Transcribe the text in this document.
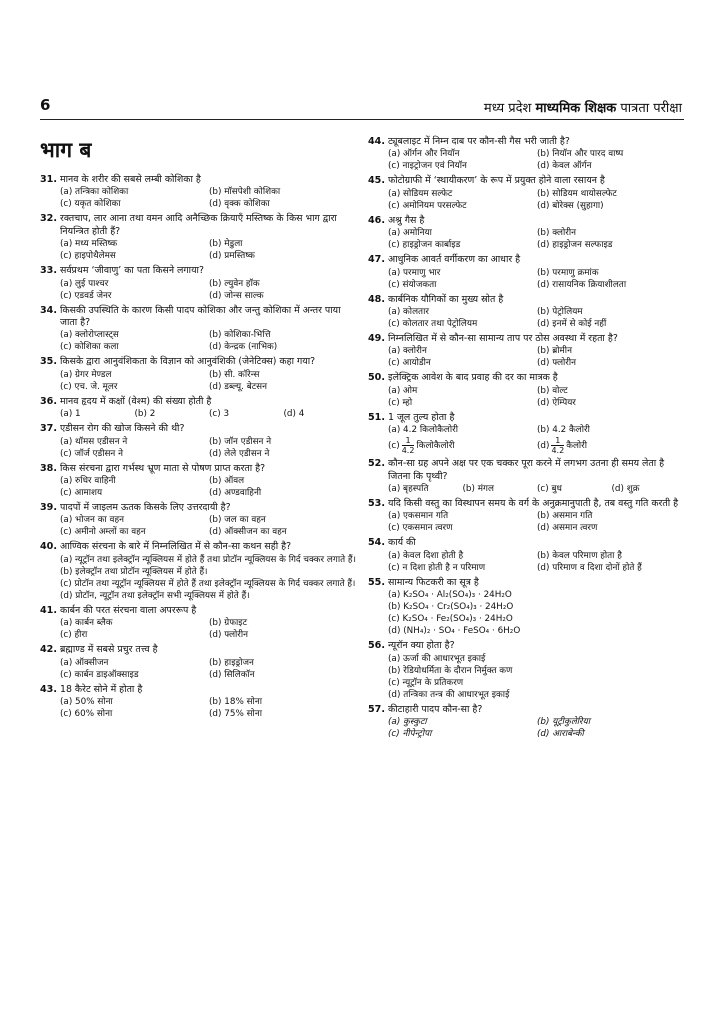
6	मध्य प्रदेश माध्यमिक शिक्षक पात्रता परीक्षा
भाग ब
31. मानव के शरीर की सबसे लम्बी कोशिका है
(a) तन्त्रिका कोशिका	(b) मॉसपेशी कोशिका
(c) यकृत कोशिका	(d) वृक्क कोशिका
32. रक्तचाप, लार आना तथा वमन आदि अनैच्छिक क्रियाएँ मस्तिष्क के किस भाग द्वारा नियन्त्रित होती हैं?
(a) मध्य मस्तिष्क	(b) मेडुला
(c) हाइपोथैलेमस	(d) प्रमस्तिष्क
33. सर्वप्रथम ‘जीवाणु’ का पता किसने लगाया?
(a) लुई पाश्चर	(b) ल्युवेन हॉक
(c) एडवर्ड जेनर	(d) जोन्स साल्क
34. किसकी उपस्थिति के कारण किसी पादप कोशिका और जन्तु कोशिका में अन्तर पाया जाता है?
(a) क्लोरोप्लास्ट्स	(b) कोशिका-भित्ति
(c) कोशिका कला	(d) केन्द्रक (नाभिक)
35. किसके द्वारा आनुवंशिकता के विज्ञान को आनुवंशिकी (जेनेटिक्स) कहा गया?
(a) ग्रेगर मेण्डल	(b) सी. कॉरेन्स
(c) एच. जे. मूलर	(d) डब्ल्यू. बेटसन
36. मानव हृदय में कक्षों (वेश्म) की संख्या होती है
(a) 1	(b) 2	(c) 3	(d) 4
37. एडीसन रोग की खोज किसने की थी?
(a) थॉमस एडीसन ने	(b) जॉन एडीसन ने
(c) जॉर्ज एडीसन ने	(d) लेले एडीसन ने
38. किस संरचना द्वारा गर्भस्थ भ्रूण माता से पोषण प्राप्त करता है?
(a) रुधिर वाहिनी	(b) ऑवल
(c) आमाशय	(d) अण्डवाहिनी
39. पादपों में जाइलम ऊतक किसके लिए उत्तरदायी है?
(a) भोजन का वहन	(b) जल का वहन
(c) अमीनो अम्लों का वहन	(d) ऑक्सीजन का वहन
40. आण्विक संरचना के बारे में निम्नलिखित में से कौन-सा कथन सही है?
(a) न्यूट्रॉन तथा इलेक्ट्रॉन न्यूक्लियस में होते हैं तथा प्रोटॉन न्यूक्लियस के गिर्द चक्कर लगाते हैं।
(b) इलेक्ट्रॉन तथा प्रोटॉन न्यूक्लियस में होते हैं।
(c) प्रोटॉन तथा न्यूट्रॉन न्यूक्लियस में होते हैं तथा इलेक्ट्रॉन न्यूक्लियस के गिर्द चक्कर लगाते हैं।
(d) प्रोटॉन, न्यूट्रॉन तथा इलेक्ट्रॉन सभी न्यूक्लियस में होते हैं।
41. कार्बन की परत संरचना वाला अपररूप है
(a) कार्बन ब्लैक	(b) ग्रेफाइट
(c) हीरा	(d) फ्लोरीन
42. ब्रह्माण्ड में सबसे प्रचुर तत्त्व है
(a) ऑक्सीजन	(b) हाइड्रोजन
(c) कार्बन डाइऑक्साइड	(d) सिलिकॉन
43. 18 कैरेट सोने में होता है
(a) 50% सोना	(b) 18% सोना
(c) 60% सोना	(d) 75% सोना
44. ट्यूबलाइट में निम्न दाब पर कौन-सी गैस भरी जाती है?
(a) ऑर्गन और नियॉन	(b) नियॉन और पारद वाष्प
(c) नाइट्रोजन एवं नियॉन	(d) केवल ऑर्गन
45. फोटोग्राफी में ‘स्थायीकरण’ के रूप में प्रयुक्त होने वाला रसायन है
(a) सोडियम सल्फेट	(b) सोडियम थायोसल्फेट
(c) अमोनियम परसल्फेट	(d) बोरेक्स (सुहागा)
46. अश्रु गैस है
(a) अमोनिया	(b) क्लोरीन
(c) हाइड्रोजन कार्बाइड	(d) हाइड्रोजन सल्फाइड
47. आधुनिक आवर्त वर्गीकरण का आधार है
(a) परमाणु भार	(b) परमाणु क्रमांक
(c) संयोजकता	(d) रासायनिक क्रियाशीलता
48. कार्बनिक यौगिकों का मुख्य स्रोत है
(a) कोलतार	(b) पेट्रोलियम
(c) कोलतार तथा पेट्रोलियम	(d) इनमें से कोई नहीं
49. निम्नलिखित में से कौन-सा सामान्य ताप पर ठोस अवस्था में रहता है?
(a) क्लोरीन	(b) ब्रोमीन
(c) आयोडीन	(d) फ्लोरीन
50. इलेक्ट्रिक आवेश के बाद प्रवाह की दर का मात्रक है
(a) ओम	(b) वोल्ट
(c) म्हो	(d) ऐम्पियर
51. 1 जूल तुल्य होता है
(a) 4.2 किलोकैलोरी	(b) 4.2 कैलोरी
$(c) \frac{1}{4.2}$ किलोकैलोरी	$(d) \frac{1}{4.2}$ कैलोरी
52. कौन-सा ग्रह अपने अक्ष पर एक चक्कर पूरा करने में लगभग उतना ही समय लेता है जितना कि पृथ्वी?
(a) बृहस्पति	(b) मंगल	(c) बुध	(d) शुक्र
53. यदि किसी वस्तु का विस्थापन समय के वर्ग के अनुक्रमानुपाती है, तब वस्तु गति करती है
(a) एकसमान गति	(b) असमान गति
(c) एकसमान त्वरण	(d) असमान त्वरण
54. कार्य की
(a) केवल दिशा होती है	(b) केवल परिमाण होता है
(c) न दिशा होती है न परिमाण	(d) परिमाण व दिशा दोनों होते हैं
55. सामान्य फिटकरी का सूत्र है
(a) K₂SO₄ · Al₂(SO₄)₃ · 24H₂O
(b) K₂SO₄ · Cr₂(SO₄)₃ · 24H₂O
(c) K₂SO₄ · Fe₂(SO₄)₃ · 24H₂O
(d) (NH₄)₂ · SO₄ · FeSO₄ · 6H₂O
56. न्यूरॉन क्या होता है?
(a) ऊर्जा की आधारभूत इकाई
(b) रेडियोधर्मिता के दौरान निर्मुक्त कण
(c) न्यूट्रॉन के प्रतिकरण
(d) तन्त्रिका तन्त्र की आधारभूत इकाई
57. कीटाहारी पादप कौन-सा है?
(a) कुस्कुटा	(b) यूट्रीकुलेरिया
(c) नीपेन्ट्रोपा	(d) आराबेन्की
